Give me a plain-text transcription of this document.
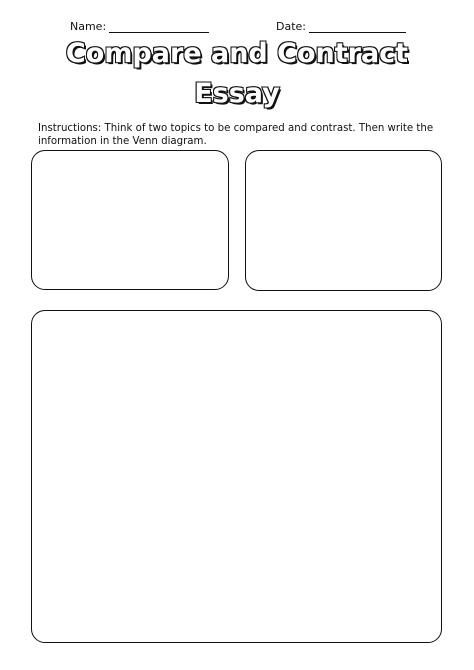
Name:	Date:
Compare and Contract
Essay
Instructions: Think of two topics to be compared and contrast. Then write the information in the Venn diagram.
